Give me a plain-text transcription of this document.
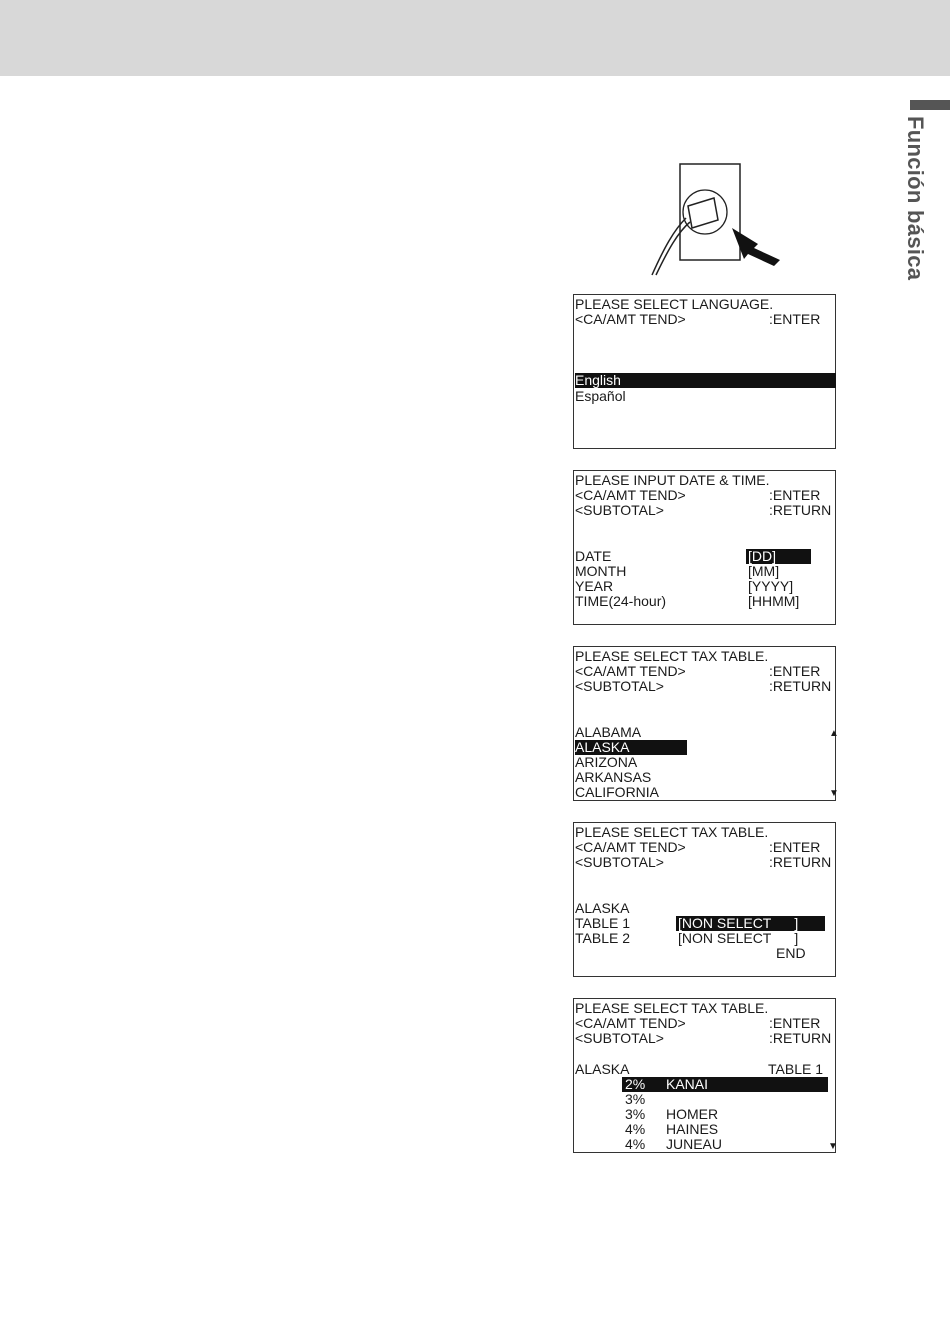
Función básica
PLEASE SELECT LANGUAGE.
<CA/AMT TEND>	:ENTER
English
Español
PLEASE INPUT DATE & TIME.
<CA/AMT TEND>	:ENTER
<SUBTOTAL>	:RETURN
DATE	[DD]
MONTH	[MM]
YEAR	[YYYY]
TIME(24-hour)	[HHMM]
PLEASE SELECT TAX TABLE.
<CA/AMT TEND>	:ENTER
<SUBTOTAL>	:RETURN
ALABAMA
ALASKA
ARIZONA
ARKANSAS
CALIFORNIA
▲
▼
PLEASE SELECT TAX TABLE.
<CA/AMT TEND>	:ENTER
<SUBTOTAL>	:RETURN
ALASKA
TABLE 1	[NON SELECT      ]
TABLE 2	[NON SELECT      ]
END
PLEASE SELECT TAX TABLE.
<CA/AMT TEND>	:ENTER
<SUBTOTAL>	:RETURN
ALASKA	TABLE 1
2% KANAI
3%
3% HOMER
4% HAINES
4% JUNEAU	▼
